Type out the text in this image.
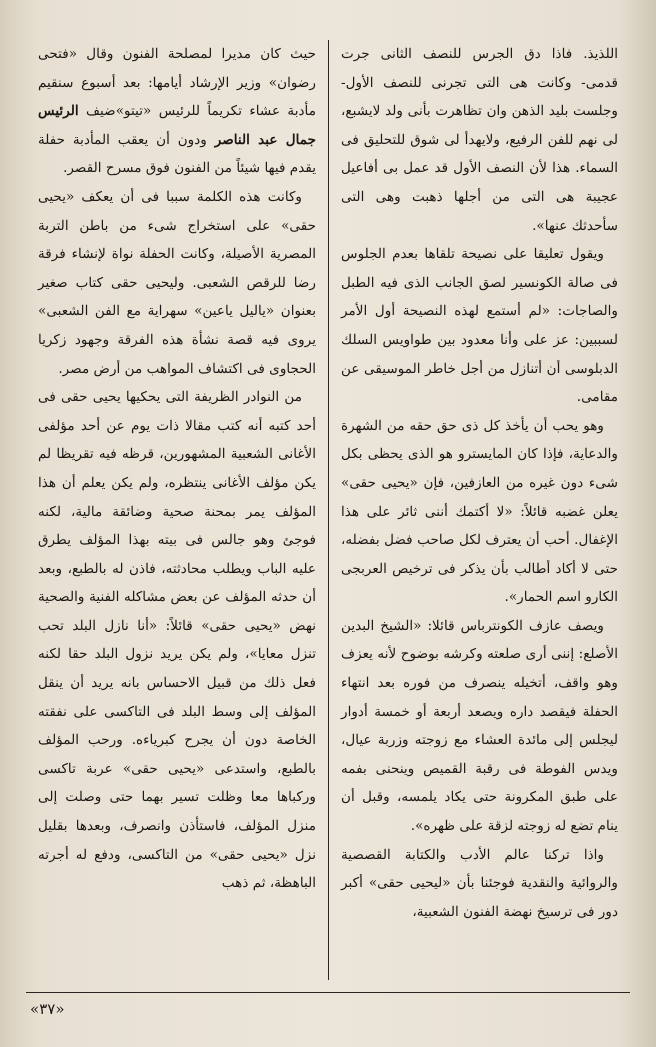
اللذيذ. فاذا دق الجرس للنصف الثانى جرت قدمى- وكانت هى التى تجرنى للنصف الأول- وجلست بليد الذهن وان تظاهرت بأنى ولد لايشبع، لى نهم للفن الرفيع، ولايهدأ لى شوق للتحليق فى السماء. هذا لأن النصف الأول قد عمل بى أفاعيل عجيبة هى التى من أجلها ذهبت وهى التى سأحدثك عنها».

ويقول تعليقا على نصيحة تلقاها بعدم الجلوس فى صالة الكونسير لصق الجانب الذى فيه الطبل والصاجات: «لم أستمع لهذه النصيحة أول الأمر لسببين: عز على وأنا معدود بين طواويس السلك الدبلوسى أن أتنازل من أجل خاطر الموسيقى عن مقامى.

وهو يحب أن يأخذ كل ذى حق حقه من الشهرة والدعاية، فإذا كان المايسترو هو الذى يحظى بكل شىء دون غيره من العازفين، فإن «يحيى حقى» يعلن غضبه قائلاً: «لا أكتمك أننى ثائر على هذا الإغفال. أحب أن يعترف لكل صاحب فضل بفضله، حتى لا أكاد أطالب بأن يذكر فى ترخيص العربجى الكارو اسم الحمار».

ويصف عازف الكونترباس قائلا: «الشيخ البدين الأصلع: إننى أرى صلعته وكرشه بوضوح لأنه يعزف وهو واقف، أتخيله ينصرف من فوره بعد انتهاء الحفلة فيقصد داره ويصعد أربعة أو خمسة أدوار ليجلس إلى مائدة العشاء مع زوجته وزربة عيال، ويدس الفوطة فى رقبة القميص وينحنى بفمه على طبق المكرونة حتى يكاد يلمسه، وقبل أن ينام تضع له زوجته لزقة على ظهره».

واذا تركنا عالم الأدب والكتابة القصصية والروائية والنقدية فوجئنا بأن «ليحيى حقى» أكبر دور فى ترسيخ نهضة الفنون الشعبية،

حيث كان مديرا لمصلحة الفنون وقال «فتحى رضوان» وزير الإرشاد أيامها: بعد أسبوع سنقيم مأدبة عشاء تكريماً للرئيس «تيتو»ضيف الرئيس جمال عبد الناصر ودون أن يعقب المأدبة حفلة يقدم فيها شيئاً من الفنون فوق مسرح القصر.

وكانت هذه الكلمة سببا فى أن يعكف «يحيى حقى» على استخراج شىء من باطن التربة المصرية الأصيلة، وكانت الحفلة نواة لإنشاء فرقة رضا للرقص الشعبى. وليحيى حقى كتاب صغير بعنوان «ياليل ياعين» سهراية مع الفن الشعبى» يروى فيه قصة نشأة هذه الفرقة وجهود زكريا الحجاوى فى اكتشاف المواهب من أرض مصر.

من النوادر الظريفة التى يحكيها يحيى حقى فى أحد كتبه أنه كتب مقالا ذات يوم عن أحد مؤلفى الأغانى الشعبية المشهورين، قرظه فيه تقريظا لم يكن مؤلف الأغانى ينتظره، ولم يكن يعلم أن هذا المؤلف يمر بمحنة صحية وضائقة مالية، لكنه فوجئ وهو جالس فى بيته بهذا المؤلف يطرق عليه الباب ويطلب محادثته، فاذن له بالطبع، وبعد أن حدثه المؤلف عن بعض مشاكله الفنية والصحية نهض «يحيى حقى» قائلاً: «أنا نازل البلد تحب تنزل معايا»، ولم يكن يريد نزول البلد حقا لكنه فعل ذلك من قبيل الاحساس بانه يريد أن ينقل المؤلف إلى وسط البلد فى التاكسى على نفقته الخاصة دون أن يجرح كبرياءه. ورحب المؤلف بالطبع، واستدعى «يحيى حقى» عربة تاكسى وركباها معا وظلت تسير بهما حتى وصلت إلى منزل المؤلف، فاستأذن وانصرف، وبعدها بقليل نزل «يحيى حقى» من التاكسى، ودفع له أجرته الباهظة، ثم ذهب

«٣٧»
